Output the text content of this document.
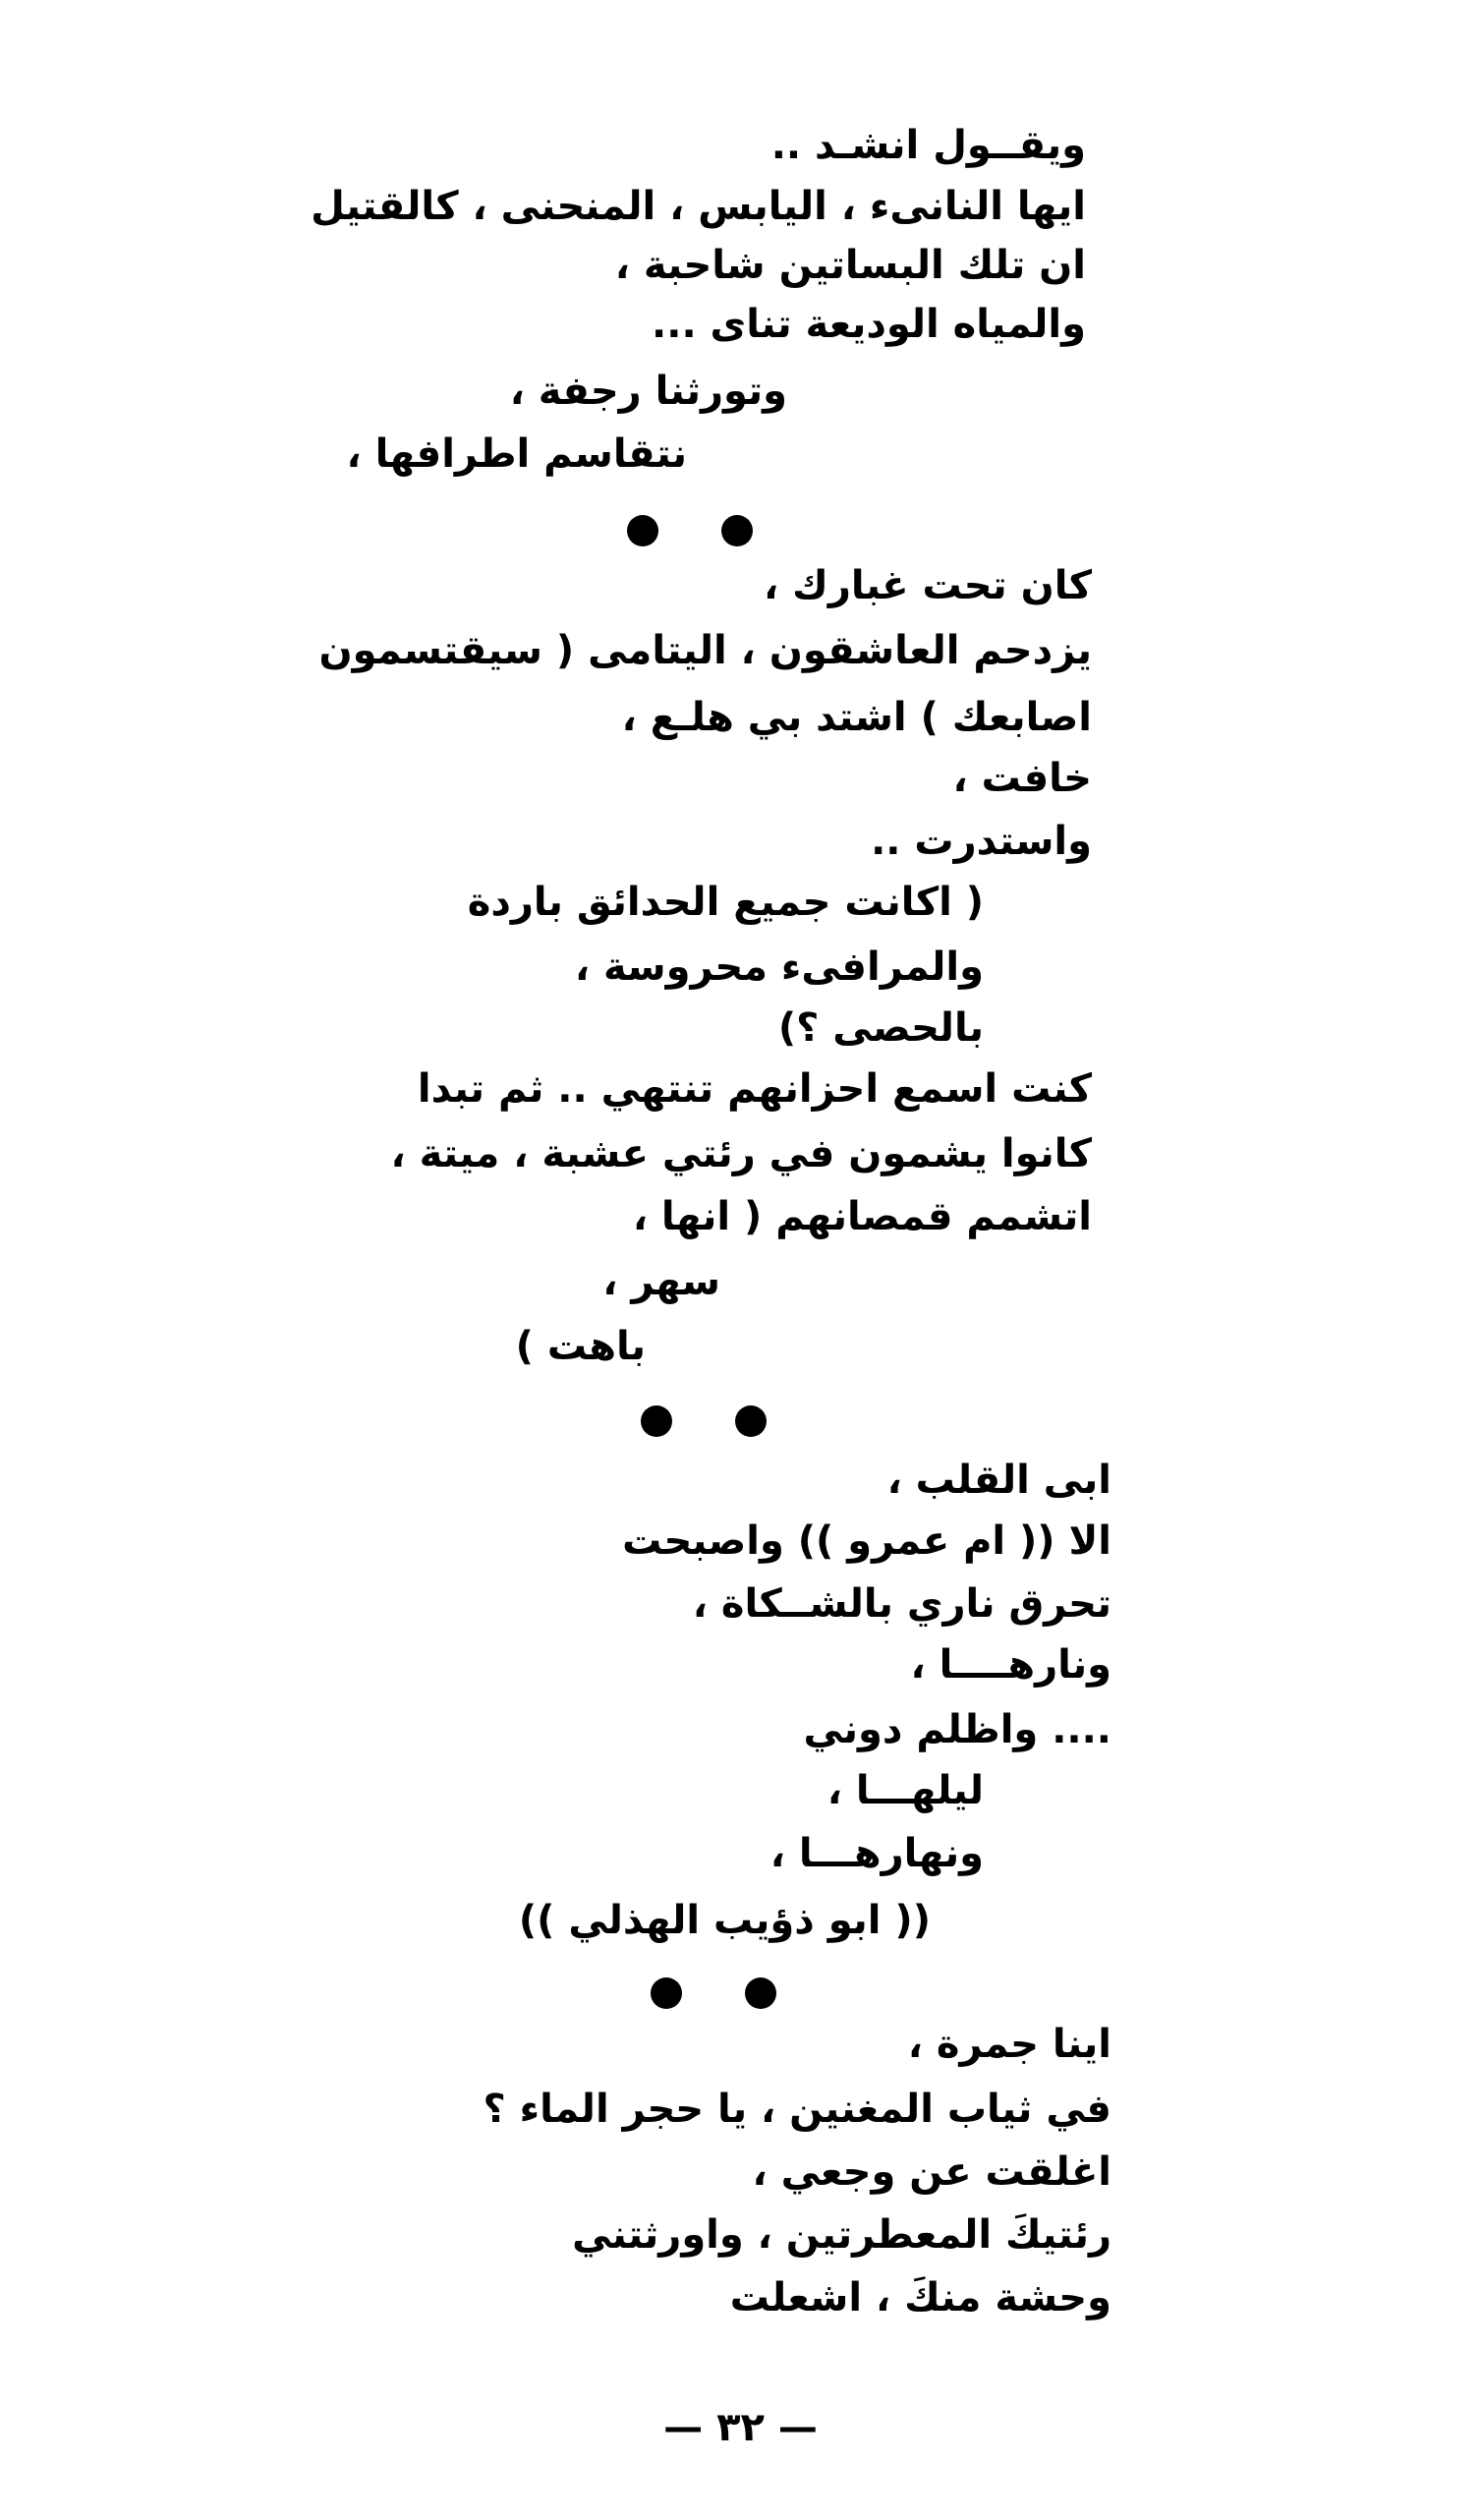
ويقــول انشـد ..
ايها النانىء ، اليابس ، المنحنى ، كالقتيل
ان تلك البساتين شاحبة ،
والمياه الوديعة تناى ...
وتورثنا رجفة ،
نتقاسم اطرافها ،
كان تحت غبارك ،
يزدحم العاشقون ، اليتامى ( سيقتسمون
اصابعك ) اشتد بي هلـع ،
خافت ،
واستدرت ..
( اكانت جميع الحدائق باردة
والمرافىء محروسة ،
بالحصى ؟)
كنت اسمع احزانهم تنتهي .. ثم تبدا
كانوا يشمون في رئتي عشبة ، ميتة ،
اتشمم قمصانهم ( انها ،
سهر ،
باهت )
ابى القلب ،
الا (( ام عمرو )) واصبحت
تحرق ناري بالشــكاة ،
ونارهــــا ،
.... واظلم دوني
ليلهـــا ،
ونهارهـــا ،
(( ابو ذؤيب الهذلي ))
اينا جمرة ،
في ثياب المغنين ، يا حجر الماء ؟
اغلقت عن وجعي ،
رئتيكَ المعطرتين ، واورثتني
وحشة منكَ ، اشعلت
— ٣٢ —
